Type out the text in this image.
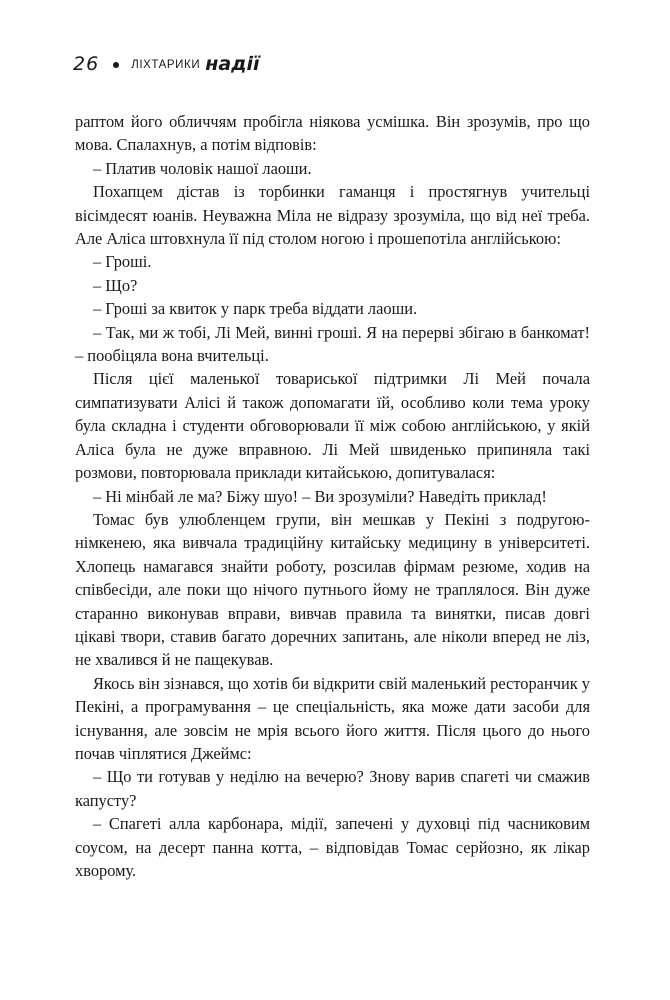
26	ЛІХТАРИКИ надії

раптом його обличчям пробігла ніякова усмішка. Він зрозумів, про що мова. Спалахнув, а потім відповів:

– Платив чоловік нашої лаоши.

Похапцем дістав із торбинки гаманця і простягнув учительці вісімдесят юанів. Неуважна Міла не відразу зрозуміла, що від неї треба. Але Аліса штовхнула її під столом ногою і прошепотіла англійською:

– Гроші.

– Що?

– Гроші за квиток у парк треба віддати лаоши.

– Так, ми ж тобі, Лі Мей, винні гроші. Я на перерві збігаю в банкомат! – пообіцяла вона вчительці.

Після цієї маленької товариської підтримки Лі Мей почала симпатизувати Алісі й також допомагати їй, особливо коли тема уроку була складна і студенти обговорювали її між собою англійською, у якій Аліса була не дуже вправною. Лі Мей швиденько припиняла такі розмови, повторювала приклади китайською, допитувалася:

– Ні мінбай ле ма? Біжу шуо! – Ви зрозуміли? Наведіть приклад!

Томас був улюбленцем групи, він мешкав у Пекіні з подругою-німкенею, яка вивчала традиційну китайську медицину в університеті. Хлопець намагався знайти роботу, розсилав фірмам резюме, ходив на співбесіди, але поки що нічого путнього йому не траплялося. Він дуже старанно виконував вправи, вивчав правила та винятки, писав довгі цікаві твори, ставив багато доречних запитань, але ніколи вперед не ліз, не хвалився й не пащекував.

Якось він зізнався, що хотів би відкрити свій маленький ресторанчик у Пекіні, а програмування – це спеціальність, яка може дати засоби для існування, але зовсім не мрія всього його життя. Після цього до нього почав чіплятися Джеймс:

– Що ти готував у неділю на вечерю? Знову варив спагеті чи смажив капусту?

– Спагеті алла карбонара, мідії, запечені у духовці під часниковим соусом, на десерт панна котта, – відповідав Томас серйозно, як лікар хворому.
